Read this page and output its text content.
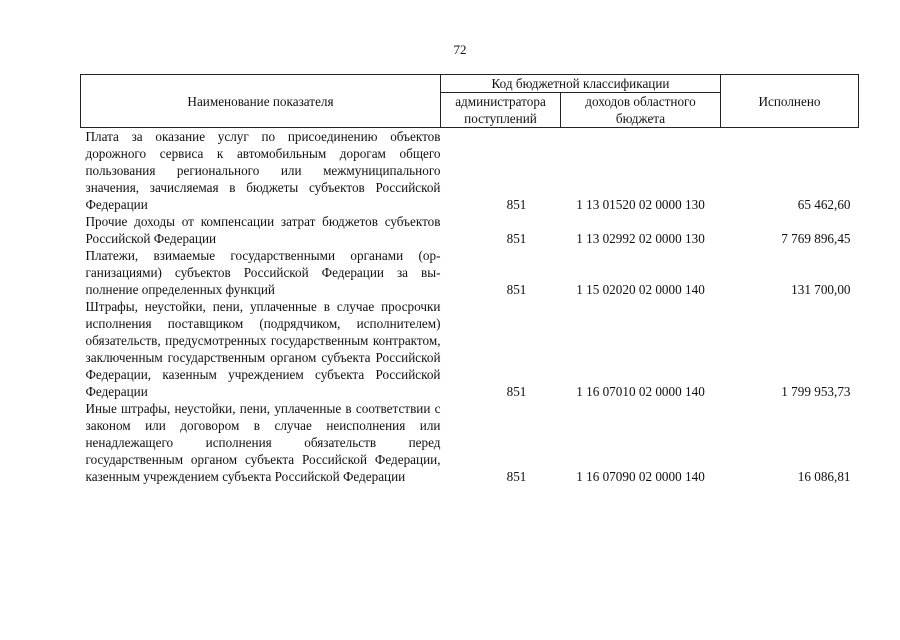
72
Наименование показателя	Код бюджетной классификации		Исполнено
	администратора поступлений	доходов областного бюджета	
Плата за оказание услуг по присоединению объектов дорожного сервиса к автомобильным дорогам общего пользования регионального или межмуниципального значения, зачисляемая в бюджеты субъектов Российской Федерации	851	1 13 01520 02 0000 130	65 462,60
Прочие доходы от компенсации затрат бюджетов субъектов Российской Федерации	851	1 13 02992 02 0000 130	7 769 896,45
Платежи, взимаемые государственными органами (организациями) субъектов Российской Федерации за выполнение определенных функций	851	1 15 02020 02 0000 140	131 700,00
Штрафы, неустойки, пени, уплаченные в случае просрочки исполнения поставщиком (подрядчиком, исполнителем) обязательств, предусмотренных государственным контрактом, заключенным государственным органом субъекта Российской Федерации, казенным учреждением субъекта Российской Федерации	851	1 16 07010 02 0000 140	1 799 953,73
Иные штрафы, неустойки, пени, уплаченные в соответствии с законом или договором в случае неисполнения или ненадлежащего исполнения обязательств перед государственным органом субъекта Российской Федерации, казенным учреждением субъекта Российской Федерации	851	1 16 07090 02 0000 140	16 086,81
